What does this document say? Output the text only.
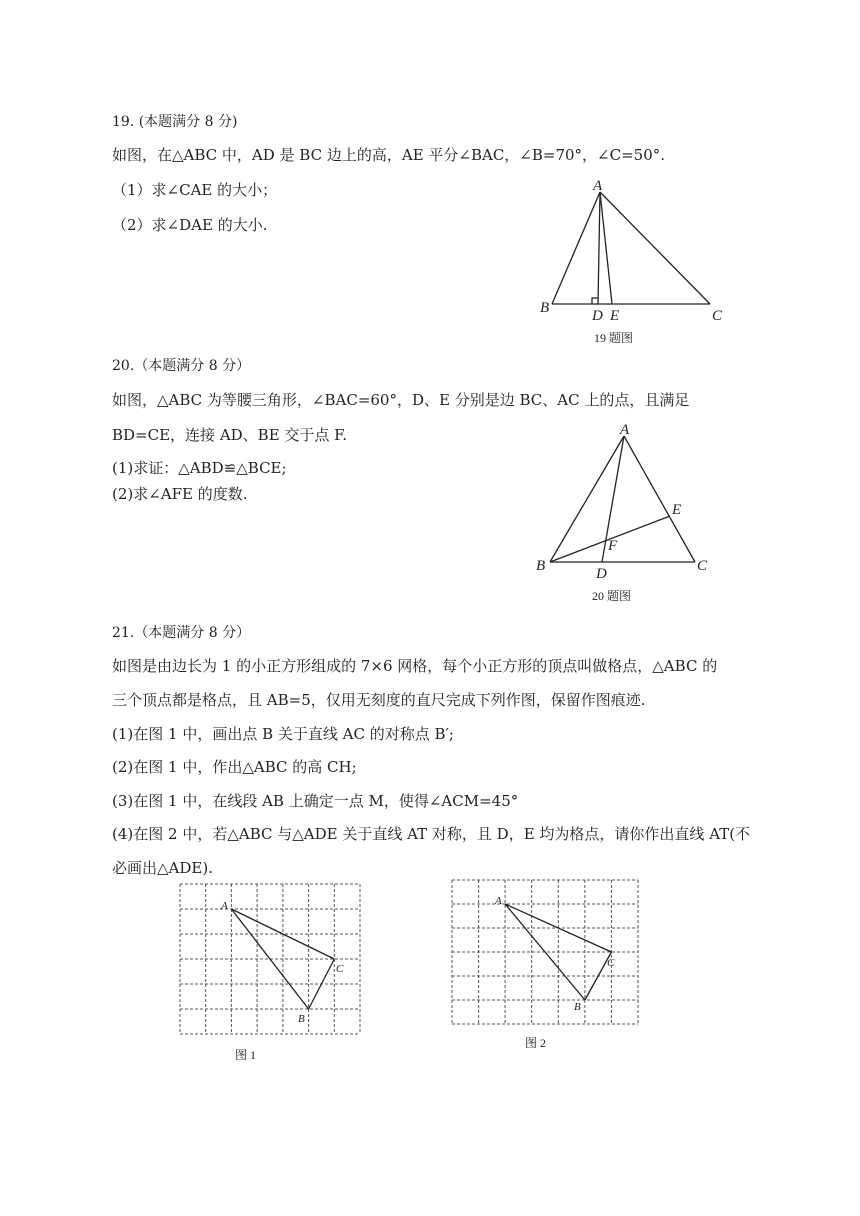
19. (本题满分 8 分)
如图，在△ABC 中，AD 是 BC 边上的高，AE 平分∠BAC，∠B=70°，∠C=50°.
（1）求∠CAE 的大小；
（2）求∠DAE 的大小.
A
B	D E	C
19 题图
20.（本题满分 8 分）
如图，△ABC 为等腰三角形，∠BAC=60°，D、E 分别是边 BC、AC 上的点，且满足
BD=CE，连接 AD、BE 交于点 F.
(1)求证：△ABD≌△BCE;
(2)求∠AFE 的度数.
A
B	C
D
E
F
20 题图
21.（本题满分 8 分）
如图是由边长为 1 的小正方形组成的 7×6 网格，每个小正方形的顶点叫做格点，△ABC 的
三个顶点都是格点，且 AB=5，仅用无刻度的直尺完成下列作图，保留作图痕迹.
(1)在图 1 中，画出点 B 关于直线 AC 的对称点 B′;
(2)在图 1 中，作出△ABC 的高 CH;
(3)在图 1 中，在线段 AB 上确定一点 M，使得∠ACM=45°
(4)在图 2 中，若△ABC 与△ADE 关于直线 AT 对称，且 D，E 均为格点，请你作出直线 AT(不
必画出△ADE).
A
C
B
图 1
A
C
B
图 2
